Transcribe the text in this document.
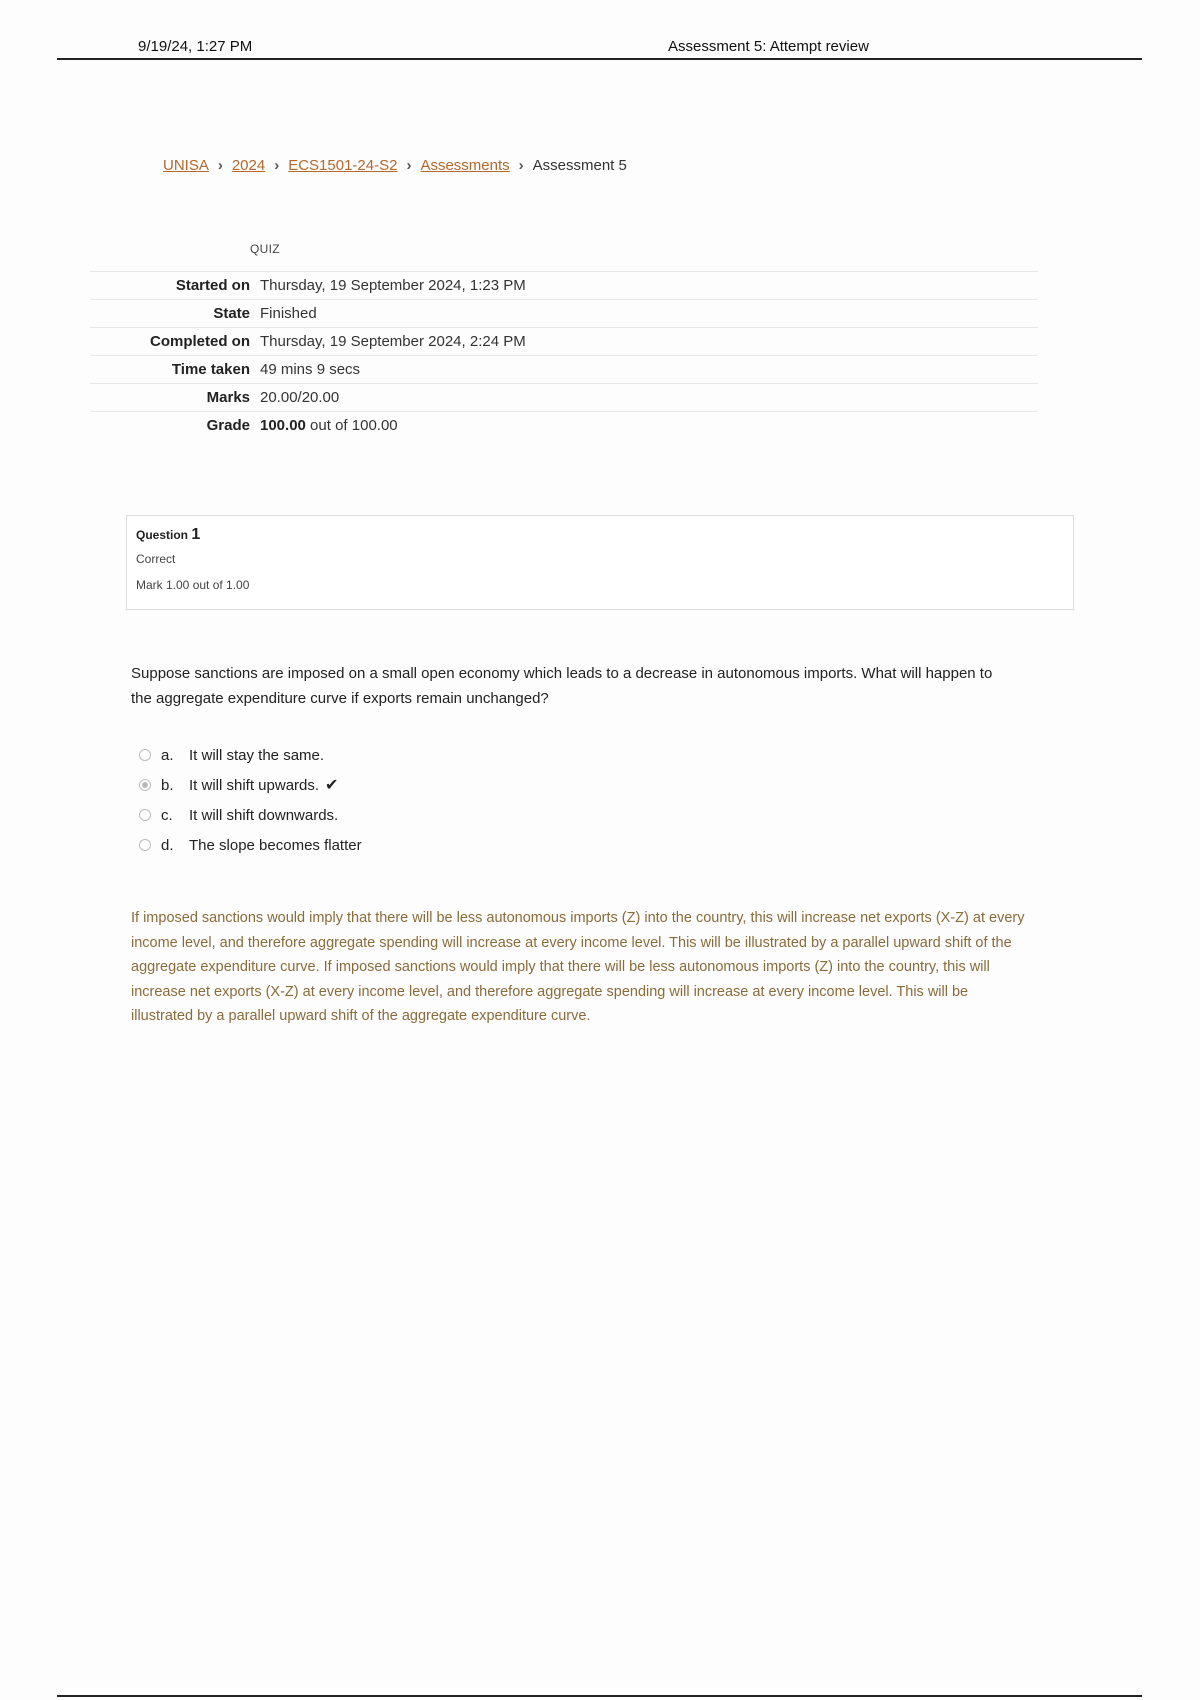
9/19/24, 1:27 PM	Assessment 5: Attempt review
UNISA › 2024 › ECS1501-24-S2 › Assessments › Assessment 5
QUIZ
Started on	Thursday, 19 September 2024, 1:23 PM
State	Finished
Completed on	Thursday, 19 September 2024, 2:24 PM
Time taken	49 mins 9 secs
Marks	20.00/20.00
Grade	100.00 out of 100.00
Question 1
Correct
Mark 1.00 out of 1.00
Suppose sanctions are imposed on a small open economy which leads to a decrease in autonomous imports. What will happen to the aggregate expenditure curve if exports remain unchanged?
a.	It will stay the same.
b.	It will shift upwards. ✔
c.	It will shift downwards.
d.	The slope becomes flatter
If imposed sanctions would imply that there will be less autonomous imports (Z) into the country, this will increase net exports (X-Z) at every income level, and therefore aggregate spending will increase at every income level. This will be illustrated by a parallel upward shift of the aggregate expenditure curve. If imposed sanctions would imply that there will be less autonomous imports (Z) into the country, this will increase net exports (X-Z) at every income level, and therefore aggregate spending will increase at every income level. This will be illustrated by a parallel upward shift of the aggregate expenditure curve.
